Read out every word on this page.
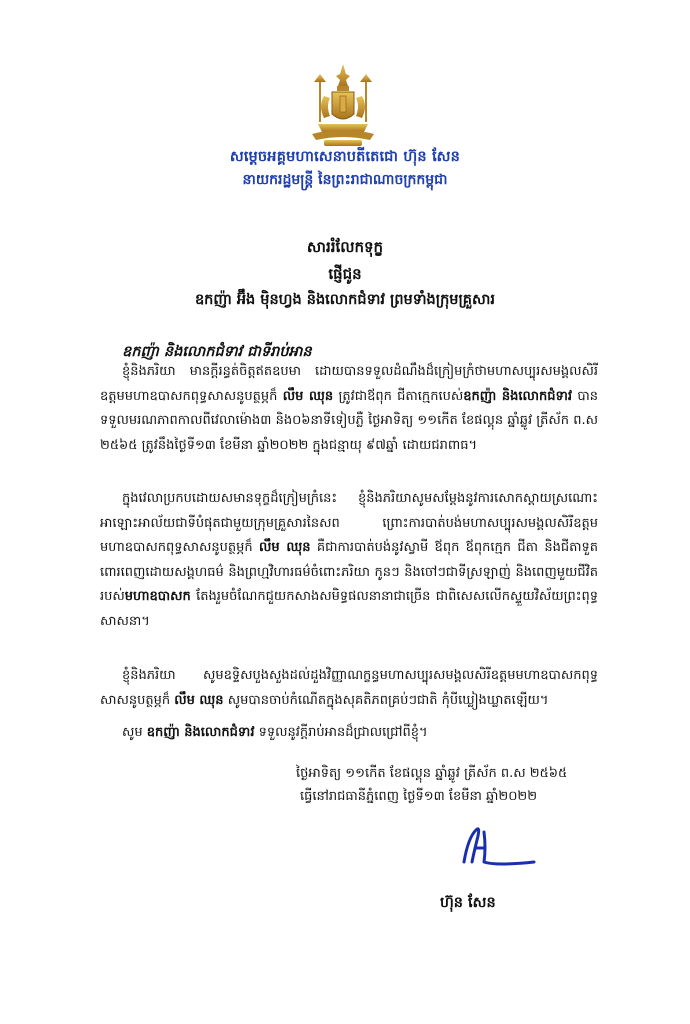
សម្តេចអគ្គមហាសេនាបតីតេជោ ហ៊ុន សែន
នាយករដ្ឋមន្ត្រី នៃព្រះរាជាណាចក្រកម្ពុជា
សាររំលែកទុក្ខ
ផ្ញើជូន
ឧកញ៉ា អ៊ឹង ម៉ិនហ្វង និងលោកជំទាវ ព្រមទាំងក្រុមគ្រួសារ
ឧកញ៉ា និងលោកជំទាវ ជាទីរាប់អាន
ខ្ញុំនិងភរិយា មានក្តីរន្ធត់ចិត្តឥតឧបមា ដោយបានទទួលដំណឹងដ៏ក្រៀមក្រំថាមហាសប្បុរសមង្គលសិរីឧត្តមមហាឧបាសកពុទ្ធសាសនូបត្ថម្ភក៏ លឹម ឈុន ត្រូវជាឪពុក ជីតាក្មេកបេស់ឧកញ៉ា និងលោកជំទាវ បានទទួលមរណភាពកាលពីវេលាម៉ោង៣ និង០៦នាទីទៀបភ្លឺ ថ្ងៃអាទិត្យ ១១កើត ខែផល្គុន ឆ្នាំឆ្លូវ ត្រីស័ក ព.ស ២៥៦៥ ត្រូវនឹងថ្ងៃទី១៣ ខែមីនា ឆ្នាំ២០២២ ក្នុងជន្មាយុ ៩៧ឆ្នាំ ដោយជរាពាធ។
ក្នុងវេលាប្រកបដោយសមានទុក្ខដ៏ក្រៀមក្រំនេះ ខ្ញុំនិងភរិយាសូមសម្តែងនូវការសោកស្តាយស្រណោះ អាឡោះអាល័យជាទីបំផុតជាមួយក្រុមគ្រួសារនៃសព ព្រោះការបាត់បង់មហាសប្បុរសមង្គលសិរីឧត្តមមហាឧបាសកពុទ្ធសាសនូបត្ថម្ភក៏ លឹម ឈុន គឺជាការបាត់បង់នូវស្វាមី ឪពុក ឪពុកក្មេក ជីតា និងជីតាទួត ពោរពេញដោយសង្គហធម៌ និងព្រហ្មវិហារធម៌ចំពោះភរិយា កូនៗ និងចៅៗជាទីស្រឡាញ់ និងពេញមួយជីវិតរបស់មហាឧបាសក តែងរួមចំណែកជួយកសាងសមិទ្ធផលនានាជាច្រើន ជាពិសេសលើកស្ទួយវិស័យព្រះពុទ្ធសាសនា។
ខ្ញុំនិងភរិយា សូមឧទ្ទិសបួងសួងដល់ដួងវិញ្ញាណក្ខន្ធមហាសប្បុរសមង្គលសិរីឧត្តមមហាឧបាសកពុទ្ធសាសនូបត្ថម្ភក៏ លឹម ឈុន សូមបានចាប់កំណើតក្នុងសុគតិភពគ្រប់ៗជាតិ កុំបីឃ្លៀងឃ្លាតឡើយ។
សូម ឧកញ៉ា និងលោកជំទាវ ទទួលនូវក្តីរាប់អានដ៏ជ្រាលជ្រៅពីខ្ញុំ។
ថ្ងៃអាទិត្យ ១១កើត ខែផល្គុន ឆ្នាំឆ្លូវ ត្រីស័ក ព.ស ២៥៦៥
ធ្វើនៅរាជធានីភ្នំពេញ ថ្ងៃទី១៣ ខែមីនា ឆ្នាំ២០២២
ហ៊ុន សែន
